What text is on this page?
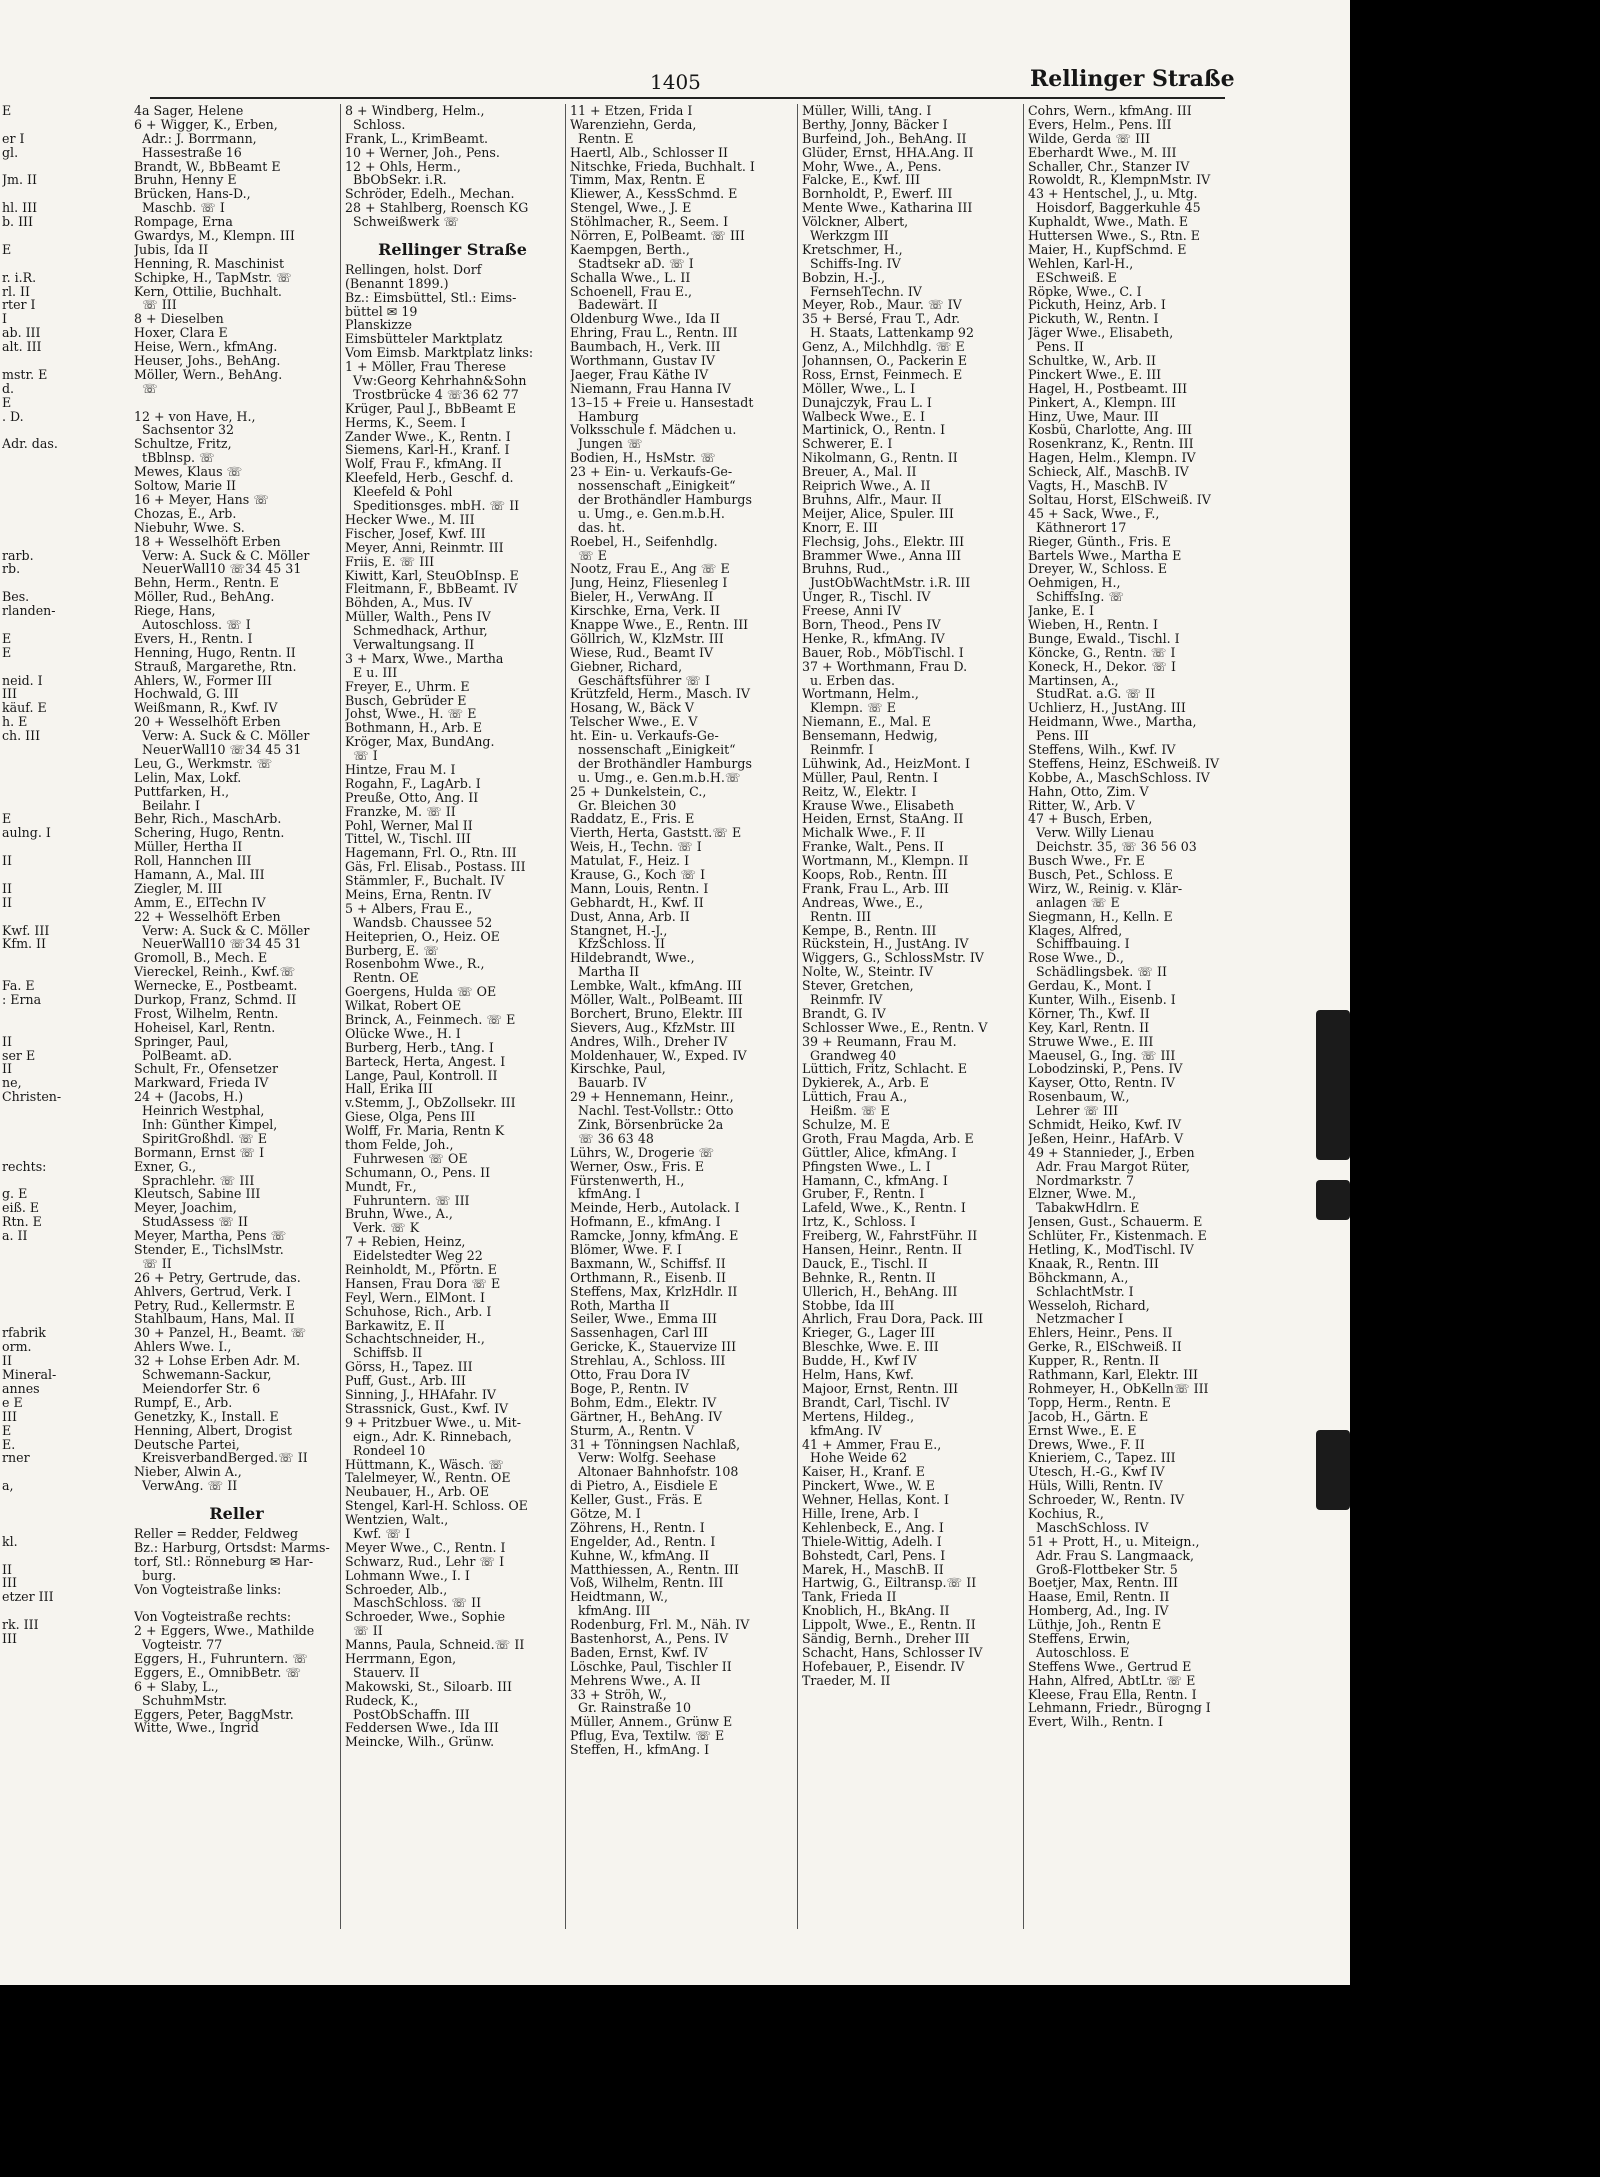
1405	Rellinger Straße
E
er I
gl.
Jm. II
hl. III
b. III
E
r. i.R.
rl. II
rter I
I
ab. III
alt. III
mstr. E
d.
E
. D.
Adr. das.
rarb.
rb.
Bes.
rlanden-
E
E
neid. I
III
käuf. E
h. E
ch. III
E
aulng. I
II
II
II
Kwf. III
Kfm. II
Fa. E
: Erna
II
ser E
II
ne,
Christen-
rechts:
g. E
eiß. E
Rtn. E
a. II
rfabrik
orm.
II
Mineral-
annes
e E
III
E
E.
rner
a,
kl.
II
III
etzer III
rk. III
III
4a Sager, Helene
6 + Wigger, K., Erben,
Adr.: J. Borrmann,
Hassestraße 16
Brandt, W., BbBeamt E
Bruhn, Henny E
Brücken, Hans-D.,
Maschb. ☏ I
Rompage, Erna
Gwardys, M., Klempn. III
Jubis, Ida II
Henning, R. Maschinist
Schipke, H., TapMstr. ☏
Kern, Ottilie, Buchhalt.
☏ III
8 + Dieselben
Hoxer, Clara E
Heise, Wern., kfmAng.
Heuser, Johs., BehAng.
Möller, Wern., BehAng.
☏
12 + von Have, H.,
Sachsentor 32
Schultze, Fritz,
tBblnsp. ☏
Mewes, Klaus ☏
Soltow, Marie II
16 + Meyer, Hans ☏
Chozas, E., Arb.
Niebuhr, Wwe. S.
18 + Wesselhöft Erben
Verw: A. Suck & C. Möller
NeuerWall10 ☏34 45 31
Behn, Herm., Rentn. E
Möller, Rud., BehAng.
Riege, Hans,
Autoschloss. ☏ I
Evers, H., Rentn. I
Henning, Hugo, Rentn. II
Strauß, Margarethe, Rtn.
Ahlers, W., Former III
Hochwald, G. III
Weißmann, R., Kwf. IV
20 + Wesselhöft Erben
Verw: A. Suck & C. Möller
NeuerWall10 ☏34 45 31
Leu, G., Werkmstr. ☏
Lelin, Max, Lokf.
Puttfarken, H.,
Beilahr. I
Behr, Rich., MaschArb.
Schering, Hugo, Rentn.
Müller, Hertha II
Roll, Hannchen III
Hamann, A., Mal. III
Ziegler, M. III
Amm, E., ElTechn IV
22 + Wesselhöft Erben
Verw: A. Suck & C. Möller
NeuerWall10 ☏34 45 31
Gromoll, B., Mech. E
Viereckel, Reinh., Kwf.☏
Wernecke, E., Postbeamt.
Durkop, Franz, Schmd. II
Frost, Wilhelm, Rentn.
Hoheisel, Karl, Rentn.
Springer, Paul,
PolBeamt. aD.
Schult, Fr., Ofensetzer
Markward, Frieda IV
24 + (Jacobs, H.)
Heinrich Westphal,
Inh: Günther Kimpel,
SpiritGroßhdl. ☏ E
Bormann, Ernst ☏ I
Exner, G.,
Sprachlehr. ☏ III
Kleutsch, Sabine III
Meyer, Joachim,
StudAssess ☏ II
Meyer, Martha, Pens ☏
Stender, E., TichslMstr.
☏ II
26 + Petry, Gertrude, das.
Ahlvers, Gertrud, Verk. I
Petry, Rud., Kellermstr. E
Stahlbaum, Hans, Mal. II
30 + Panzel, H., Beamt. ☏
Ahlers Wwe. I.,
32 + Lohse Erben Adr. M.
Schwemann-Sackur,
Meiendorfer Str. 6
Rumpf, E., Arb.
Genetzky, K., Install. E
Henning, Albert, Drogist
Deutsche Partei,
KreisverbandBerged.☏ II
Nieber, Alwin A.,
VerwAng. ☏ II
Reller
Reller = Redder, Feldweg
Bz.: Harburg, Ortsdst: Marms-
torf, Stl.: Rönneburg ✉ Har-
burg.
Von Vogteistraße links:
Von Vogteistraße rechts:
2 + Eggers, Wwe., Mathilde
Vogteistr. 77
Eggers, H., Fuhruntern. ☏
Eggers, E., OmnibBetr. ☏
6 + Slaby, L.,
SchuhmMstr.
Eggers, Peter, BaggMstr.
Witte, Wwe., Ingrid
8 + Windberg, Helm.,
Schloss.
Frank, L., KrimBeamt.
10 + Werner, Joh., Pens.
12 + Ohls, Herm.,
BbObSekr. i.R.
Schröder, Edelh., Mechan.
28 + Stahlberg, Roensch KG
Schweißwerk ☏
Rellinger Straße
Rellingen, holst. Dorf
(Benannt 1899.)
Bz.: Eimsbüttel, Stl.: Eims-
büttel ✉ 19
Planskizze
Eimsbütteler Marktplatz
Vom Eimsb. Marktplatz links:
1 + Möller, Frau Therese
Vw:Georg Kehrhahn&Sohn
Trostbrücke 4 ☏36 62 77
Krüger, Paul J., BbBeamt E
Herms, K., Seem. I
Zander Wwe., K., Rentn. I
Siemens, Karl-H., Kranf. I
Wolf, Frau F., kfmAng. II
Kleefeld, Herb., Geschf. d.
Kleefeld & Pohl
Speditionsges. mbH. ☏ II
Hecker Wwe., M. III
Fischer, Josef, Kwf. III
Meyer, Anni, Reinmtr. III
Friis, E. ☏ III
Kiwitt, Karl, SteuObInsp. E
Fleitmann, F., BbBeamt. IV
Böhden, A., Mus. IV
Müller, Walth., Pens IV
Schmedhack, Arthur,
Verwaltungsang. II
3 + Marx, Wwe., Martha
E u. III
Freyer, E., Uhrm. E
Busch, Gebrüder E
Johst, Wwe., H. ☏ E
Bothmann, H., Arb. E
Kröger, Max, BundAng.
☏ I
Hintze, Frau M. I
Rogahn, F., LagArb. I
Preuße, Otto, Ang. II
Franzke, M. ☏ II
Pohl, Werner, Mal II
Tittel, W., Tischl. III
Hagemann, Frl. O., Rtn. III
Gäs, Frl. Elisab., Postass. III
Stämmler, F., Buchalt. IV
Meins, Erna, Rentn. IV
5 + Albers, Frau E.,
Wandsb. Chaussee 52
Heiteprien, O., Heiz. OE
Burberg, E. ☏
Rosenbohm Wwe., R.,
Rentn. OE
Goergens, Hulda ☏ OE
Wilkat, Robert OE
Brinck, A., Feinmech. ☏ E
Olücke Wwe., H. I
Burberg, Herb., tAng. I
Barteck, Herta, Angest. I
Lange, Paul, Kontroll. II
Hall, Erika III
v.Stemm, J., ObZollsekr. III
Giese, Olga, Pens III
Wolff, Fr. Maria, Rentn K
thom Felde, Joh.,
Fuhrwesen ☏ OE
Schumann, O., Pens. II
Mundt, Fr.,
Fuhruntern. ☏ III
Bruhn, Wwe., A.,
Verk. ☏ K
7 + Rebien, Heinz,
Eidelstedter Weg 22
Reinholdt, M., Pförtn. E
Hansen, Frau Dora ☏ E
Feyl, Wern., ElMont. I
Schuhose, Rich., Arb. I
Barkawitz, E. II
Schachtschneider, H.,
Schiffsb. II
Görss, H., Tapez. III
Puff, Gust., Arb. III
Sinning, J., HHAfahr. IV
Strassnick, Gust., Kwf. IV
9 + Pritzbuer Wwe., u. Mit-
eign., Adr. K. Rinnebach,
Rondeel 10
Hüttmann, K., Wäsch. ☏
Talelmeyer, W., Rentn. OE
Neubauer, H., Arb. OE
Stengel, Karl-H. Schloss. OE
Wentzien, Walt.,
Kwf. ☏ I
Meyer Wwe., C., Rentn. I
Schwarz, Rud., Lehr ☏ I
Lohmann Wwe., I. I
Schroeder, Alb.,
MaschSchloss. ☏ II
Schroeder, Wwe., Sophie
☏ II
Manns, Paula, Schneid.☏ II
Herrmann, Egon,
Stauerv. II
Makowski, St., Siloarb. III
Rudeck, K.,
PostObSchaffn. III
Feddersen Wwe., Ida III
Meincke, Wilh., Grünw.
11 + Etzen, Frida I
Warenziehn, Gerda,
Rentn. E
Haertl, Alb., Schlosser II
Nitschke, Frieda, Buchhalt. I
Timm, Max, Rentn. E
Kliewer, A., KessSchmd. E
Stengel, Wwe., J. E
Stöhlmacher, R., Seem. I
Nörren, E, PolBeamt. ☏ III
Kaempgen, Berth.,
Stadtsekr aD. ☏ I
Schalla Wwe., L. II
Schoenell, Frau E.,
Badewärt. II
Oldenburg Wwe., Ida II
Ehring, Frau L., Rentn. III
Baumbach, H., Verk. III
Worthmann, Gustav IV
Jaeger, Frau Käthe IV
Niemann, Frau Hanna IV
13–15 + Freie u. Hansestadt
Hamburg
Volksschule f. Mädchen u.
Jungen ☏
Bodien, H., HsMstr. ☏
23 + Ein- u. Verkaufs-Ge-
nossenschaft „Einigkeit“
der Brothändler Hamburgs
u. Umg., e. Gen.m.b.H.
das. ht.
Roebel, H., Seifenhdlg.
☏ E
Nootz, Frau E., Ang ☏ E
Jung, Heinz, Fliesenleg I
Bieler, H., VerwAng. II
Kirschke, Erna, Verk. II
Knappe Wwe., E., Rentn. III
Göllrich, W., KlzMstr. III
Wiese, Rud., Beamt IV
Giebner, Richard,
Geschäftsführer ☏ I
Krützfeld, Herm., Masch. IV
Hosang, W., Bäck V
Telscher Wwe., E. V
ht. Ein- u. Verkaufs-Ge-
nossenschaft „Einigkeit“
der Brothändler Hamburgs
u. Umg., e. Gen.m.b.H.☏
25 + Dunkelstein, C.,
Gr. Bleichen 30
Raddatz, E., Fris. E
Vierth, Herta, Gaststt.☏ E
Weis, H., Techn. ☏ I
Matulat, F., Heiz. I
Krause, G., Koch ☏ I
Mann, Louis, Rentn. I
Gebhardt, H., Kwf. II
Dust, Anna, Arb. II
Stangnet, H.-J.,
KfzSchloss. II
Hildebrandt, Wwe.,
Martha II
Lembke, Walt., kfmAng. III
Möller, Walt., PolBeamt. III
Borchert, Bruno, Elektr. III
Sievers, Aug., KfzMstr. III
Andres, Wilh., Dreher IV
Moldenhauer, W., Exped. IV
Kirschke, Paul,
Bauarb. IV
29 + Hennemann, Heinr.,
Nachl. Test-Vollstr.: Otto
Zink, Börsenbrücke 2a
☏ 36 63 48
Lührs, W., Drogerie ☏
Werner, Osw., Fris. E
Fürstenwerth, H.,
kfmAng. I
Meinde, Herb., Autolack. I
Hofmann, E., kfmAng. I
Ramcke, Jonny, kfmAng. E
Blömer, Wwe. F. I
Baxmann, W., Schiffsf. II
Orthmann, R., Eisenb. II
Steffens, Max, KrlzHdlr. II
Roth, Martha II
Seiler, Wwe., Emma III
Sassenhagen, Carl III
Gericke, K., Stauervize III
Strehlau, A., Schloss. III
Otto, Frau Dora IV
Boge, P., Rentn. IV
Bohm, Edm., Elektr. IV
Gärtner, H., BehAng. IV
Sturm, A., Rentn. V
31 + Tönningsen Nachlaß,
Verw: Wolfg. Seehase
Altonaer Bahnhofstr. 108
di Pietro, A., Eisdiele E
Keller, Gust., Fräs. E
Götze, M. I
Zöhrens, H., Rentn. I
Engelder, Ad., Rentn. I
Kuhne, W., kfmAng. II
Matthiessen, A., Rentn. III
Voß, Wilhelm, Rentn. III
Heidtmann, W.,
kfmAng. III
Rodenburg, Frl. M., Näh. IV
Bastenhorst, A., Pens. IV
Baden, Ernst, Kwf. IV
Löschke, Paul, Tischler II
Mehrens Wwe., A. II
33 + Ströh, W.,
Gr. Rainstraße 10
Müller, Annem., Grünw E
Pflug, Eva, Textilw. ☏ E
Steffen, H., kfmAng. I
Müller, Willi, tAng. I
Berthy, Jonny, Bäcker I
Burfeind, Joh., BehAng. II
Glüder, Ernst, HHA.Ang. II
Mohr, Wwe., A., Pens.
Falcke, E., Kwf. III
Bornholdt, P., Ewerf. III
Mente Wwe., Katharina III
Völckner, Albert,
Werkzgm III
Kretschmer, H.,
Schiffs-Ing. IV
Bobzin, H.-J.,
FernsehTechn. IV
Meyer, Rob., Maur. ☏ IV
35 + Bersé, Frau T., Adr.
H. Staats, Lattenkamp 92
Genz, A., Milchhdlg. ☏ E
Johannsen, O., Packerin E
Ross, Ernst, Feinmech. E
Möller, Wwe., L. I
Dunajczyk, Frau L. I
Walbeck Wwe., E. I
Martinick, O., Rentn. I
Schwerer, E. I
Nikolmann, G., Rentn. II
Breuer, A., Mal. II
Reiprich Wwe., A. II
Bruhns, Alfr., Maur. II
Meijer, Alice, Spuler. III
Knorr, E. III
Flechsig, Johs., Elektr. III
Brammer Wwe., Anna III
Bruhns, Rud.,
JustObWachtMstr. i.R. III
Unger, R., Tischl. IV
Freese, Anni IV
Born, Theod., Pens IV
Henke, R., kfmAng. IV
Bauer, Rob., MöbTischl. I
37 + Worthmann, Frau D.
u. Erben das.
Wortmann, Helm.,
Klempn. ☏ E
Niemann, E., Mal. E
Bensemann, Hedwig,
Reinmfr. I
Lühwink, Ad., HeizMont. I
Müller, Paul, Rentn. I
Reitz, W., Elektr. I
Krause Wwe., Elisabeth
Heiden, Ernst, StaAng. II
Michalk Wwe., F. II
Franke, Walt., Pens. II
Wortmann, M., Klempn. II
Koops, Rob., Rentn. III
Frank, Frau L., Arb. III
Andreas, Wwe., E.,
Rentn. III
Kempe, B., Rentn. III
Rückstein, H., JustAng. IV
Wiggers, G., SchlossMstr. IV
Nolte, W., Steintr. IV
Stever, Gretchen,
Reinmfr. IV
Brandt, G. IV
Schlosser Wwe., E., Rentn. V
39 + Reumann, Frau M.
Grandweg 40
Lüttich, Fritz, Schlacht. E
Dykierek, A., Arb. E
Lüttich, Frau A.,
Heißm. ☏ E
Schulze, M. E
Groth, Frau Magda, Arb. E
Güttler, Alice, kfmAng. I
Pfingsten Wwe., L. I
Hamann, C., kfmAng. I
Gruber, F., Rentn. I
Lafeld, Wwe., K., Rentn. I
Irtz, K., Schloss. I
Freiberg, W., FahrstFühr. II
Hansen, Heinr., Rentn. II
Dauck, E., Tischl. II
Behnke, R., Rentn. II
Ullerich, H., BehAng. III
Stobbe, Ida III
Ahrlich, Frau Dora, Pack. III
Krieger, G., Lager III
Bleschke, Wwe. E. III
Budde, H., Kwf IV
Helm, Hans, Kwf.
Majoor, Ernst, Rentn. III
Brandt, Carl, Tischl. IV
Mertens, Hildeg.,
kfmAng. IV
41 + Ammer, Frau E.,
Hohe Weide 62
Kaiser, H., Kranf. E
Pinckert, Wwe., W. E
Wehner, Hellas, Kont. I
Hille, Irene, Arb. I
Kehlenbeck, E., Ang. I
Thiele-Wittig, Adelh. I
Bohstedt, Carl, Pens. I
Marek, H., MaschB. II
Hartwig, G., Eiltransp.☏ II
Tank, Frieda II
Knoblich, H., BkAng. II
Lippolt, Wwe., E., Rentn. II
Sändig, Bernh., Dreher III
Schacht, Hans, Schlosser IV
Hofebauer, P., Eisendr. IV
Traeder, M. II
Cohrs, Wern., kfmAng. III
Evers, Helm., Pens. III
Wilde, Gerda ☏ III
Eberhardt Wwe., M. III
Schaller, Chr., Stanzer IV
Rowoldt, R., KlempnMstr. IV
43 + Hentschel, J., u. Mtg.
Hoisdorf, Baggerkuhle 45
Kuphaldt, Wwe., Math. E
Huttersen Wwe., S., Rtn. E
Maier, H., KupfSchmd. E
Wehlen, Karl-H.,
ESchweiß. E
Röpke, Wwe., C. I
Pickuth, Heinz, Arb. I
Pickuth, W., Rentn. I
Jäger Wwe., Elisabeth,
Pens. II
Schultke, W., Arb. II
Pinckert Wwe., E. III
Hagel, H., Postbeamt. III
Pinkert, A., Klempn. III
Hinz, Uwe, Maur. III
Kosbü, Charlotte, Ang. III
Rosenkranz, K., Rentn. III
Hagen, Helm., Klempn. IV
Schieck, Alf., MaschB. IV
Vagts, H., MaschB. IV
Soltau, Horst, ElSchweiß. IV
45 + Sack, Wwe., F.,
Käthnerort 17
Rieger, Günth., Fris. E
Bartels Wwe., Martha E
Dreyer, W., Schloss. E
Oehmigen, H.,
SchiffsIng. ☏
Janke, E. I
Wieben, H., Rentn. I
Bunge, Ewald., Tischl. I
Köncke, G., Rentn. ☏ I
Koneck, H., Dekor. ☏ I
Martinsen, A.,
StudRat. a.G. ☏ II
Uchlierz, H., JustAng. III
Heidmann, Wwe., Martha,
Pens. III
Steffens, Wilh., Kwf. IV
Steffens, Heinz, ESchweiß. IV
Kobbe, A., MaschSchloss. IV
Hahn, Otto, Zim. V
Ritter, W., Arb. V
47 + Busch, Erben,
Verw. Willy Lienau
Deichstr. 35, ☏ 36 56 03
Busch Wwe., Fr. E
Busch, Pet., Schloss. E
Wirz, W., Reinig. v. Klär-
anlagen ☏ E
Siegmann, H., Kelln. E
Klages, Alfred,
Schiffbauing. I
Rose Wwe., D.,
Schädlingsbek. ☏ II
Gerdau, K., Mont. I
Kunter, Wilh., Eisenb. I
Körner, Th., Kwf. II
Key, Karl, Rentn. II
Struwe Wwe., E. III
Maeusel, G., Ing. ☏ III
Lobodzinski, P., Pens. IV
Kayser, Otto, Rentn. IV
Rosenbaum, W.,
Lehrer ☏ III
Schmidt, Heiko, Kwf. IV
Jeßen, Heinr., HafArb. V
49 + Stannieder, J., Erben
Adr. Frau Margot Rüter,
Nordmarkstr. 7
Elzner, Wwe. M.,
TabakwHdlrn. E
Jensen, Gust., Schauerm. E
Schlüter, Fr., Kistenmach. E
Hetling, K., ModTischl. IV
Knaak, R., Rentn. III
Böhckmann, A.,
SchlachtMstr. I
Wesseloh, Richard,
Netzmacher I
Ehlers, Heinr., Pens. II
Gerke, R., ElSchweiß. II
Kupper, R., Rentn. II
Rathmann, Karl, Elektr. III
Rohmeyer, H., ObKelln☏ III
Topp, Herm., Rentn. E
Jacob, H., Gärtn. E
Ernst Wwe., E. E
Drews, Wwe., F. II
Knieriem, C., Tapez. III
Utesch, H.-G., Kwf IV
Hüls, Willi, Rentn. IV
Schroeder, W., Rentn. IV
Kochius, R.,
MaschSchloss. IV
51 + Prott, H., u. Miteign.,
Adr. Frau S. Langmaack,
Groß-Flottbeker Str. 5
Boetjer, Max, Rentn. III
Haase, Emil, Rentn. II
Homberg, Ad., Ing. IV
Lüthje, Joh., Rentn E
Steffens, Erwin,
Autoschloss. E
Steffens Wwe., Gertrud E
Hahn, Alfred, AbtLtr. ☏ E
Kleese, Frau Ella, Rentn. I
Lehmann, Friedr., Bürogng I
Evert, Wilh., Rentn. I
